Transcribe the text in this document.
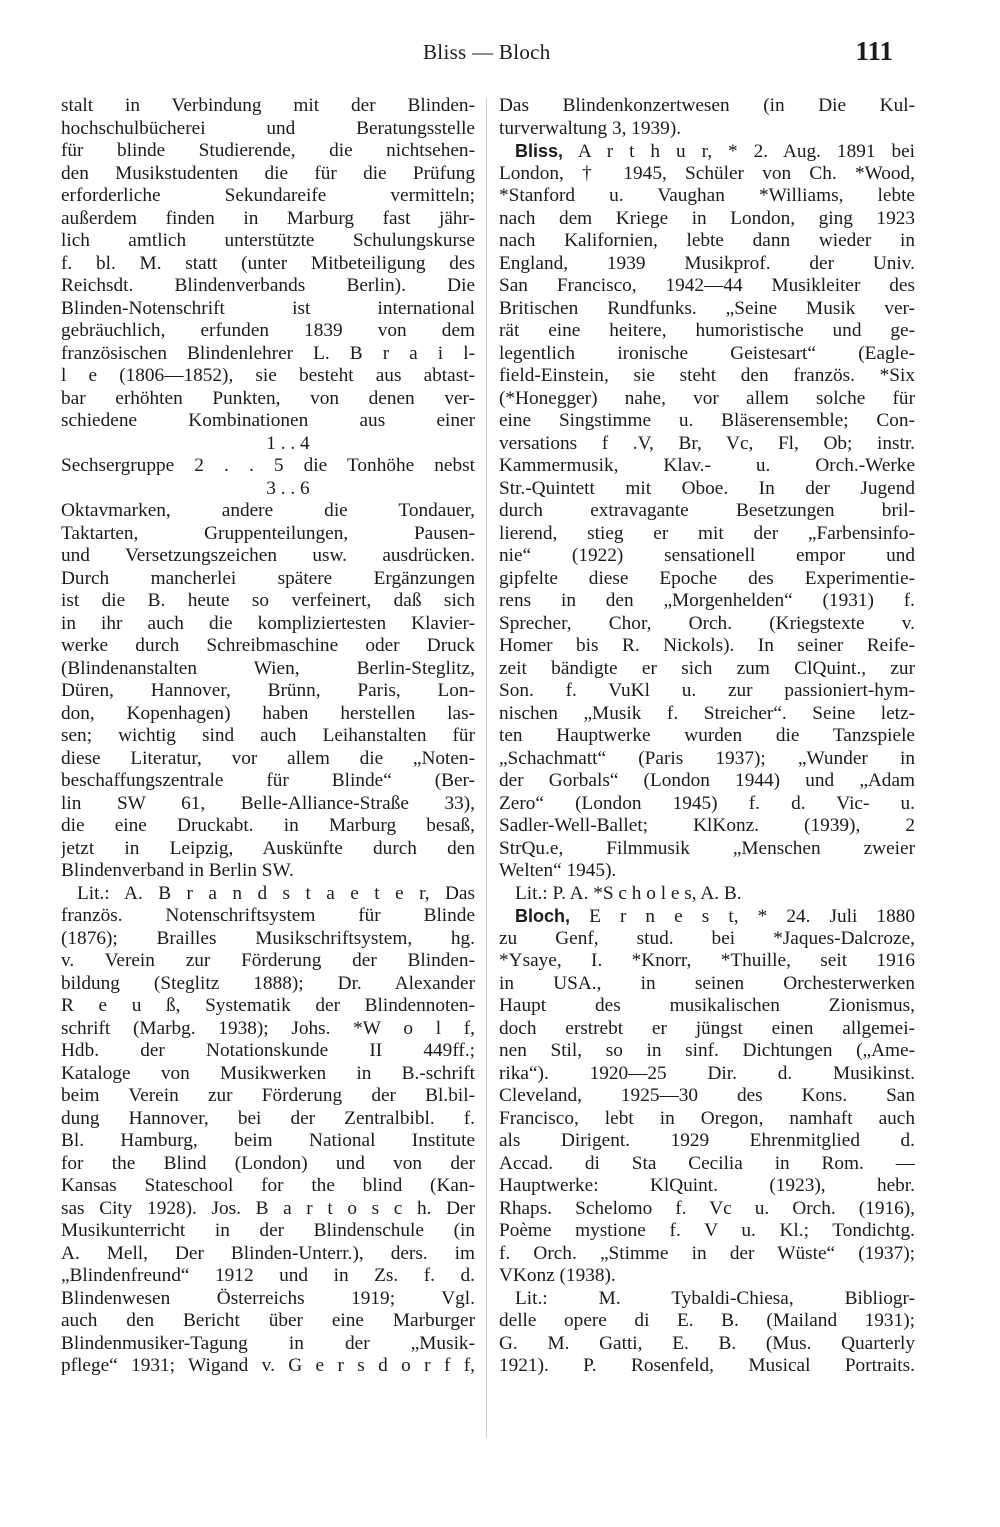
Bliss — Bloch	111
stalt in Verbindung mit der Blinden-
hochschulbücherei und Beratungsstelle
für blinde Studierende, die nichtsehen-
den Musikstudenten die für die Prüfung
erforderliche Sekundareife vermitteln;
außerdem finden in Marburg fast jähr-
lich amtlich unterstützte Schulungskurse
f. bl. M. statt (unter Mitbeteiligung des
Reichsdt. Blindenverbands Berlin). Die
Blinden-Notenschrift ist international
gebräuchlich, erfunden 1839 von dem
französischen Blindenlehrer L. B r a i l-
l e (1806—1852), sie besteht aus abtast-
bar erhöhten Punkten, von denen ver-
schiedene Kombinationen aus einer
1 . . 4
Sechsergruppe 2 . . 5 die Tonhöhe nebst
3 . . 6
Oktavmarken, andere die Tondauer,
Taktarten, Gruppenteilungen, Pausen-
und Versetzungszeichen usw. ausdrücken.
Durch mancherlei spätere Ergänzungen
ist die B. heute so verfeinert, daß sich
in ihr auch die kompliziertesten Klavier-
werke durch Schreibmaschine oder Druck
(Blindenanstalten Wien, Berlin-Steglitz,
Düren, Hannover, Brünn, Paris, Lon-
don, Kopenhagen) haben herstellen las-
sen; wichtig sind auch Leihanstalten für
diese Literatur, vor allem die „Noten-
beschaffungszentrale für Blinde“ (Ber-
lin SW 61, Belle-Alliance-Straße 33),
die eine Druckabt. in Marburg besaß,
jetzt in Leipzig, Auskünfte durch den
Blindenverband in Berlin SW.
Lit.: A. B r a n d s t a e t e r, Das
französ. Notenschriftsystem für Blinde
(1876); Brailles Musikschriftsystem, hg.
v. Verein zur Förderung der Blinden-
bildung (Steglitz 1888); Dr. Alexander
R e u ß, Systematik der Blindennoten-
schrift (Marbg. 1938); Johs. *W o l f,
Hdb. der Notationskunde II 449ff.;
Kataloge von Musikwerken in B.-schrift
beim Verein zur Förderung der Bl.bil-
dung Hannover, bei der Zentralbibl. f.
Bl. Hamburg, beim National Institute
for the Blind (London) und von der
Kansas Stateschool for the blind (Kan-
sas City 1928). Jos. B a r t o s c h. Der
Musikunterricht in der Blindenschule (in
A. Mell, Der Blinden-Unterr.), ders. im
„Blindenfreund“ 1912 und in Zs. f. d.
Blindenwesen Österreichs 1919; Vgl.
auch den Bericht über eine Marburger
Blindenmusiker-Tagung in der „Musik-
pflege“ 1931; Wigand v. G e r s d o r f f,
Das Blindenkonzertwesen (in Die Kul-
turverwaltung 3, 1939).
Bliss, A r t h u r, * 2. Aug. 1891 bei
London, † 1945, Schüler von Ch. *Wood,
*Stanford u. Vaughan *Williams, lebte
nach dem Kriege in London, ging 1923
nach Kalifornien, lebte dann wieder in
England, 1939 Musikprof. der Univ.
San Francisco, 1942—44 Musikleiter des
Britischen Rundfunks. „Seine Musik ver-
rät eine heitere, humoristische und ge-
legentlich ironische Geistesart“ (Eagle-
field-Einstein, sie steht den französ. *Six
(*Honegger) nahe, vor allem solche für
eine Singstimme u. Bläserensemble; Con-
versations f .V, Br, Vc, Fl, Ob; instr.
Kammermusik, Klav.- u. Orch.-Werke
Str.-Quintett mit Oboe. In der Jugend
durch extravagante Besetzungen bril-
lierend, stieg er mit der „Farbensinfo-
nie“ (1922) sensationell empor und
gipfelte diese Epoche des Experimentie-
rens in den „Morgenhelden“ (1931) f.
Sprecher, Chor, Orch. (Kriegstexte v.
Homer bis R. Nickols). In seiner Reife-
zeit bändigte er sich zum ClQuint., zur
Son. f. VuKl u. zur passioniert-hym-
nischen „Musik f. Streicher“. Seine letz-
ten Hauptwerke wurden die Tanzspiele
„Schachmatt“ (Paris 1937); „Wunder in
der Gorbals“ (London 1944) und „Adam
Zero“ (London 1945) f. d. Vic- u.
Sadler-Well-Ballet; KlKonz. (1939), 2
StrQu.e, Filmmusik „Menschen zweier
Welten“ 1945).
Lit.: P. A. *S c h o l e s, A. B.
Bloch, E r n e s t, * 24. Juli 1880
zu Genf, stud. bei *Jaques-Dalcroze,
*Ysaye, I. *Knorr, *Thuille, seit 1916
in USA., in seinen Orchesterwerken
Haupt des musikalischen Zionismus,
doch erstrebt er jüngst einen allgemei-
nen Stil, so in sinf. Dichtungen („Ame-
rika“). 1920—25 Dir. d. Musikinst.
Cleveland, 1925—30 des Kons. San
Francisco, lebt in Oregon, namhaft auch
als Dirigent. 1929 Ehrenmitglied d.
Accad. di Sta Cecilia in Rom. —
Hauptwerke: KlQuint. (1923), hebr.
Rhaps. Schelomo f. Vc u. Orch. (1916),
Poème mystione f. V u. Kl.; Tondichtg.
f. Orch. „Stimme in der Wüste“ (1937);
VKonz (1938).
Lit.: M. Tybaldi-Chiesa, Bibliogr-
delle opere di E. B. (Mailand 1931);
G. M. Gatti, E. B. (Mus. Quarterly
1921). P. Rosenfeld, Musical Portraits.
